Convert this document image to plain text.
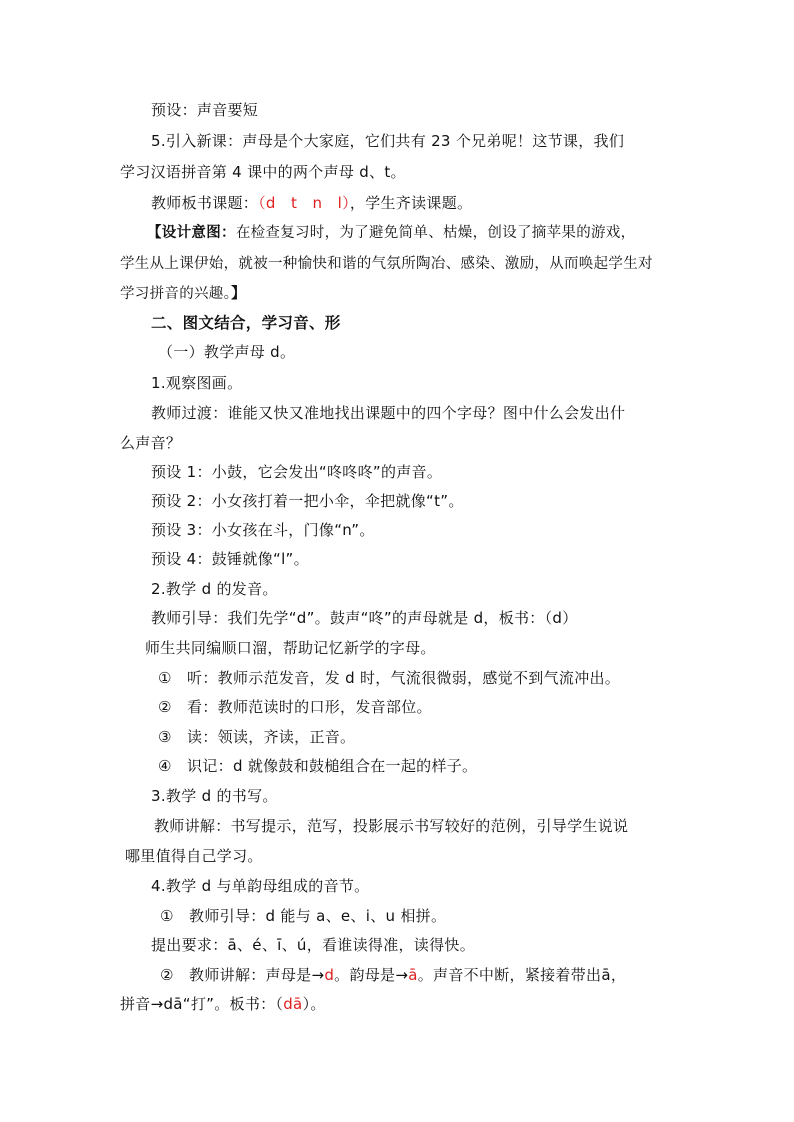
预设：声音要短
5.引入新课：声母是个大家庭，它们共有 23 个兄弟呢！这节课，我们
学习汉语拼音第 4 课中的两个声母 d、t。
教师板书课题：（d　t　n　l），学生齐读课题。
【设计意图：在检查复习时，为了避免简单、枯燥，创设了摘苹果的游戏，
学生从上课伊始，就被一种愉快和谐的气氛所陶冶、感染、激励，从而唤起学生对
学习拼音的兴趣。】
二、图文结合，学习音、形
（一）教学声母 d。
1.观察图画。
教师过渡：谁能又快又准地找出课题中的四个字母？图中什么会发出什
么声音？
预设 1：小鼓，它会发出“咚咚咚”的声音。
预设 2：小女孩打着一把小伞，伞把就像“t”。
预设 3：小女孩在斗，门像“n”。
预设 4：鼓锤就像“l”。
2.教学 d 的发音。
教师引导：我们先学“d”。鼓声“咚”的声母就是 d，板书：（d）
师生共同编顺口溜，帮助记忆新学的字母。
①　听：教师示范发音，发 d 时，气流很微弱，感觉不到气流冲出。
②　看：教师范读时的口形，发音部位。
③　读：领读，齐读，正音。
④　识记：d 就像鼓和鼓槌组合在一起的样子。
3.教学 d 的书写。
教师讲解：书写提示，范写，投影展示书写较好的范例，引导学生说说
哪里值得自己学习。
4.教学 d 与单韵母组成的音节。
①　教师引导：d 能与 a、e、i、u 相拼。
提出要求：ā、é、ī、ú，看谁读得准，读得快。
②　教师讲解：声母是→d。韵母是→ā。声音不中断，紧接着带出ā，
拼音→dā“打”。板书：（dā）。
